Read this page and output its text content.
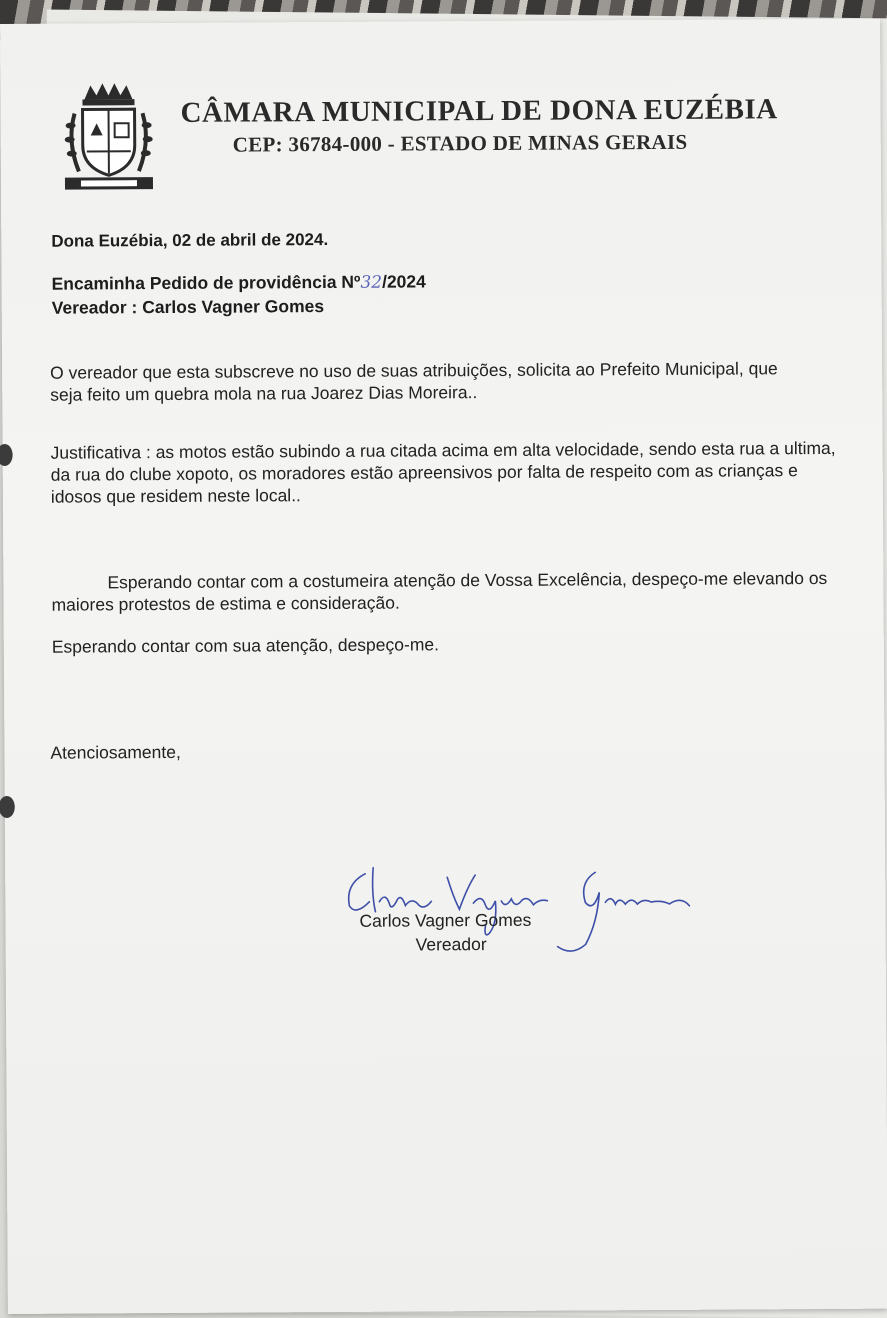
CÂMARA MUNICIPAL DE DONA EUZÉBIA
CEP: 36784-000 - ESTADO DE MINAS GERAIS
Dona Euzébia, 02 de abril de 2024.
Encaminha Pedido de providência Nº32/2024
Vereador : Carlos Vagner Gomes
O vereador que esta subscreve no uso de suas atribuições, solicita ao Prefeito Municipal, que seja feito um quebra mola na rua Joarez Dias Moreira..
Justificativa : as motos estão subindo a rua citada acima em alta velocidade, sendo esta rua a ultima, da rua do clube xopoto, os moradores estão apreensivos por falta de respeito com as crianças e idosos que residem neste local..
Esperando contar com a costumeira atenção de Vossa Excelência, despeço-me elevando os maiores protestos de estima e consideração.
Esperando contar com sua atenção, despeço-me.
Atenciosamente,
Carlos Vagner Gomes
Vereador
